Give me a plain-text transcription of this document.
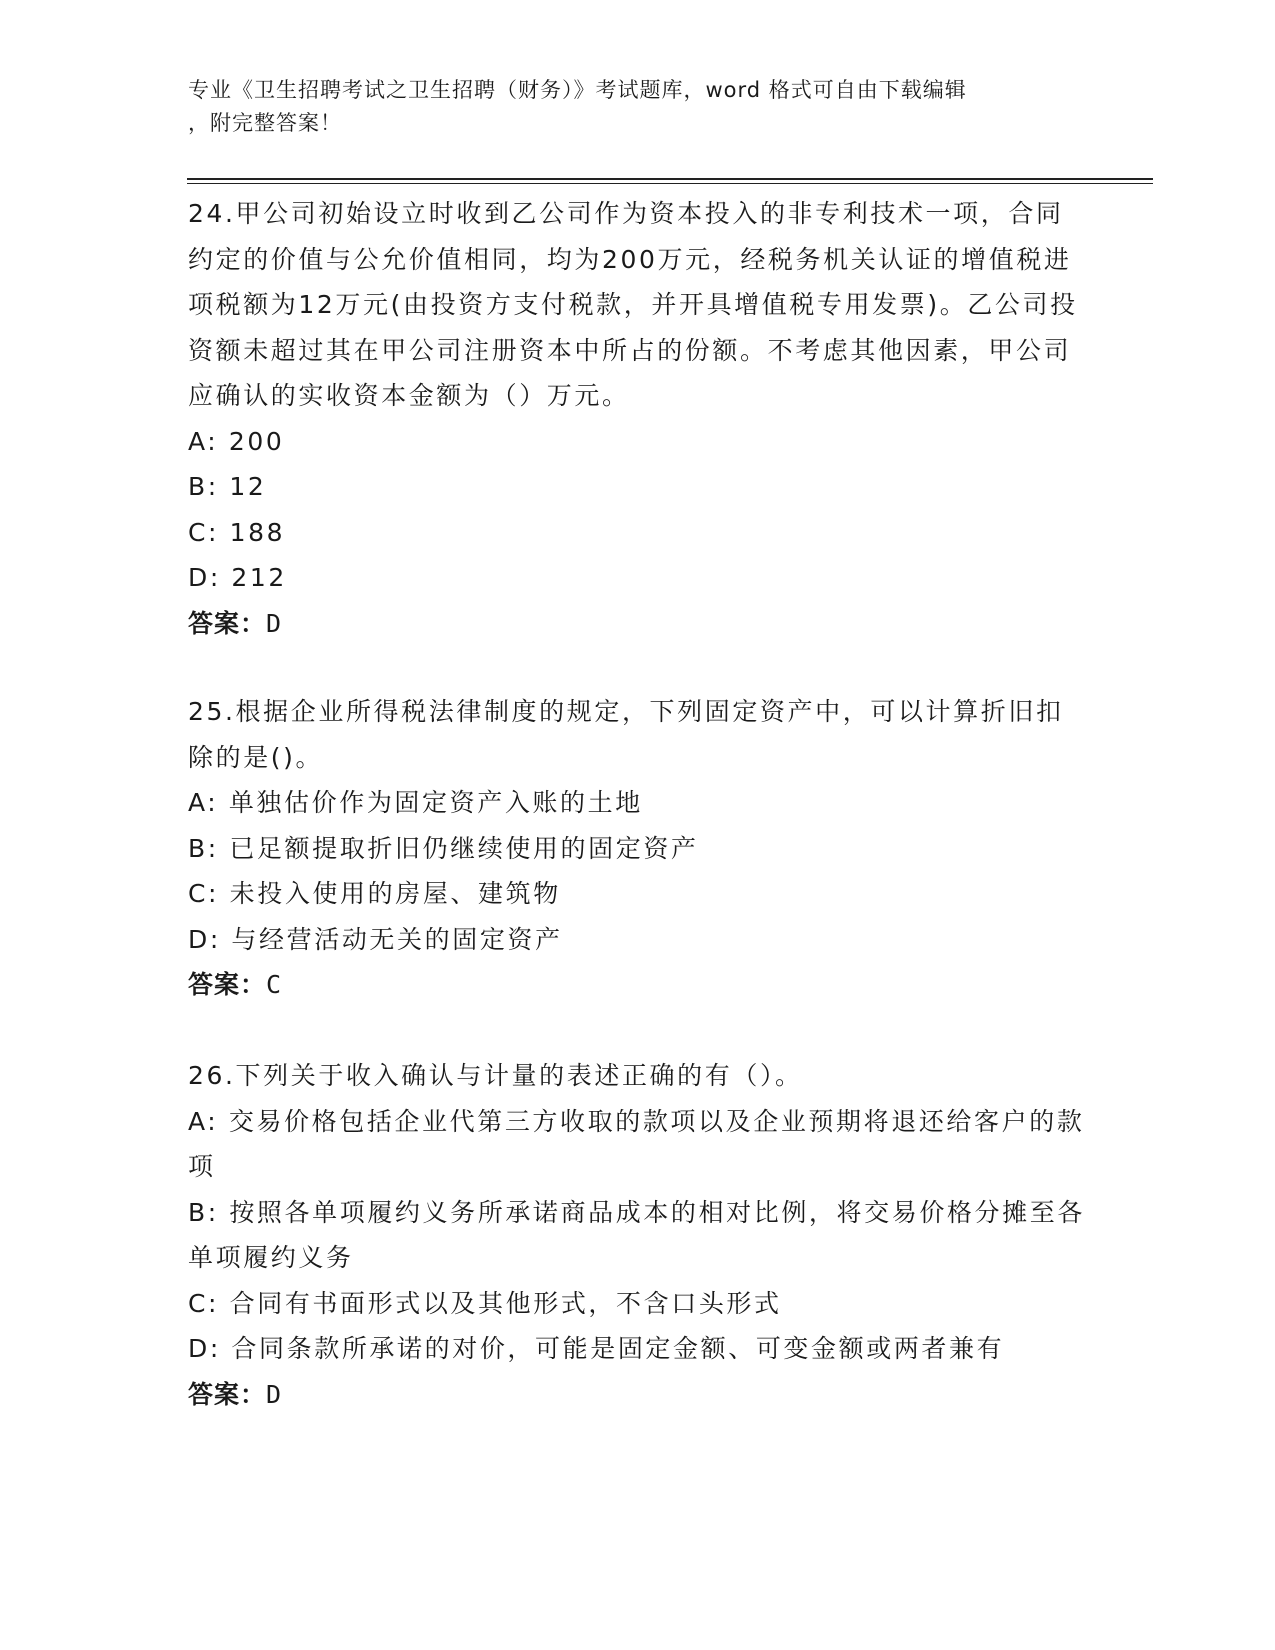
专业《卫生招聘考试之卫生招聘（财务）》考试题库，word 格式可自由下载编辑
，附完整答案！
24.甲公司初始设立时收到乙公司作为资本投入的非专利技术一项，合同约定的价值与公允价值相同，均为200万元，经税务机关认证的增值税进项税额为12万元(由投资方支付税款，并开具增值税专用发票)。乙公司投资额未超过其在甲公司注册资本中所占的份额。不考虑其他因素，甲公司应确认的实收资本金额为（）万元。
A: 200
B: 12
C: 188
D: 212
答案：D
25.根据企业所得税法律制度的规定，下列固定资产中，可以计算折旧扣除的是()。
A: 单独估价作为固定资产入账的土地
B: 已足额提取折旧仍继续使用的固定资产
C: 未投入使用的房屋、建筑物
D: 与经营活动无关的固定资产
答案：C
26.下列关于收入确认与计量的表述正确的有（）。
A: 交易价格包括企业代第三方收取的款项以及企业预期将退还给客户的款项
B: 按照各单项履约义务所承诺商品成本的相对比例，将交易价格分摊至各单项履约义务
C: 合同有书面形式以及其他形式，不含口头形式
D: 合同条款所承诺的对价，可能是固定金额、可变金额或两者兼有
答案：D
